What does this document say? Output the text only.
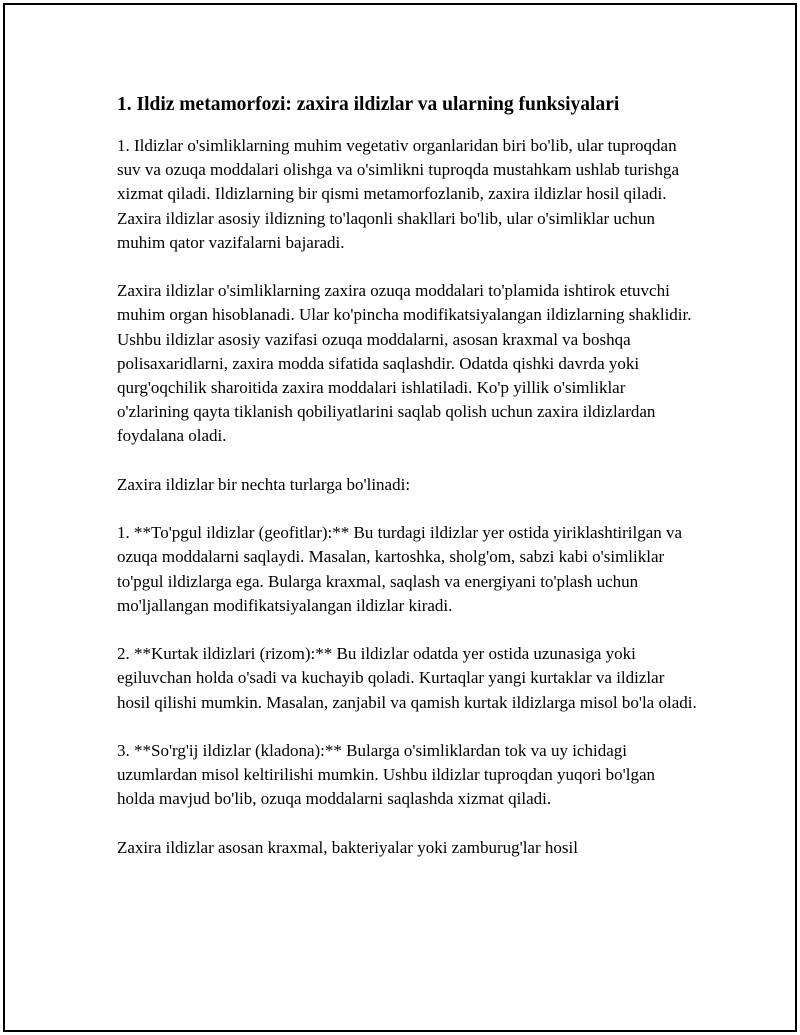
1. Ildiz metamorfozi: zaxira ildizlar va ularning funksiyalari

1. Ildizlar o'simliklarning muhim vegetativ organlaridan biri bo'lib, ular tuproqdan suv va ozuqa moddalari olishga va o'simlikni tuproqda mustahkam ushlab turishga xizmat qiladi. Ildizlarning bir qismi metamorfozlanib, zaxira ildizlar hosil qiladi. Zaxira ildizlar asosiy ildizning to'laqonli shakllari bo'lib, ular o'simliklar uchun muhim qator vazifalarni bajaradi.

Zaxira ildizlar o'simliklarning zaxira ozuqa moddalari to'plamida ishtirok etuvchi muhim organ hisoblanadi. Ular ko'pincha modifikatsiyalangan ildizlarning shaklidir. Ushbu ildizlar asosiy vazifasi ozuqa moddalarni, asosan kraxmal va boshqa polisaxaridlarni, zaxira modda sifatida saqlashdir. Odatda qishki davrda yoki qurg'oqchilik sharoitida zaxira moddalari ishlatiladi. Ko'p yillik o'simliklar o'zlarining qayta tiklanish qobiliyatlarini saqlab qolish uchun zaxira ildizlardan foydalana oladi.

Zaxira ildizlar bir nechta turlarga bo'linadi:

1. **To'pgul ildizlar (geofitlar):** Bu turdagi ildizlar yer ostida yiriklashtirilgan va ozuqa moddalarni saqlaydi. Masalan, kartoshka, sholg'om, sabzi kabi o'simliklar to'pgul ildizlarga ega. Bularga kraxmal, saqlash va energiyani to'plash uchun mo'ljallangan modifikatsiyalangan ildizlar kiradi.

2. **Kurtak ildizlari (rizom):** Bu ildizlar odatda yer ostida uzunasiga yoki egiluvchan holda o'sadi va kuchayib qoladi. Kurtaqlar yangi kurtaklar va ildizlar hosil qilishi mumkin. Masalan, zanjabil va qamish kurtak ildizlarga misol bo'la oladi.

3. **So'rg'ij ildizlar (kladona):** Bularga o'simliklardan tok va uy ichidagi uzumlardan misol keltirilishi mumkin. Ushbu ildizlar tuproqdan yuqori bo'lgan holda mavjud bo'lib, ozuqa moddalarni saqlashda xizmat qiladi.

Zaxira ildizlar asosan kraxmal, bakteriyalar yoki zamburug'lar hosil
